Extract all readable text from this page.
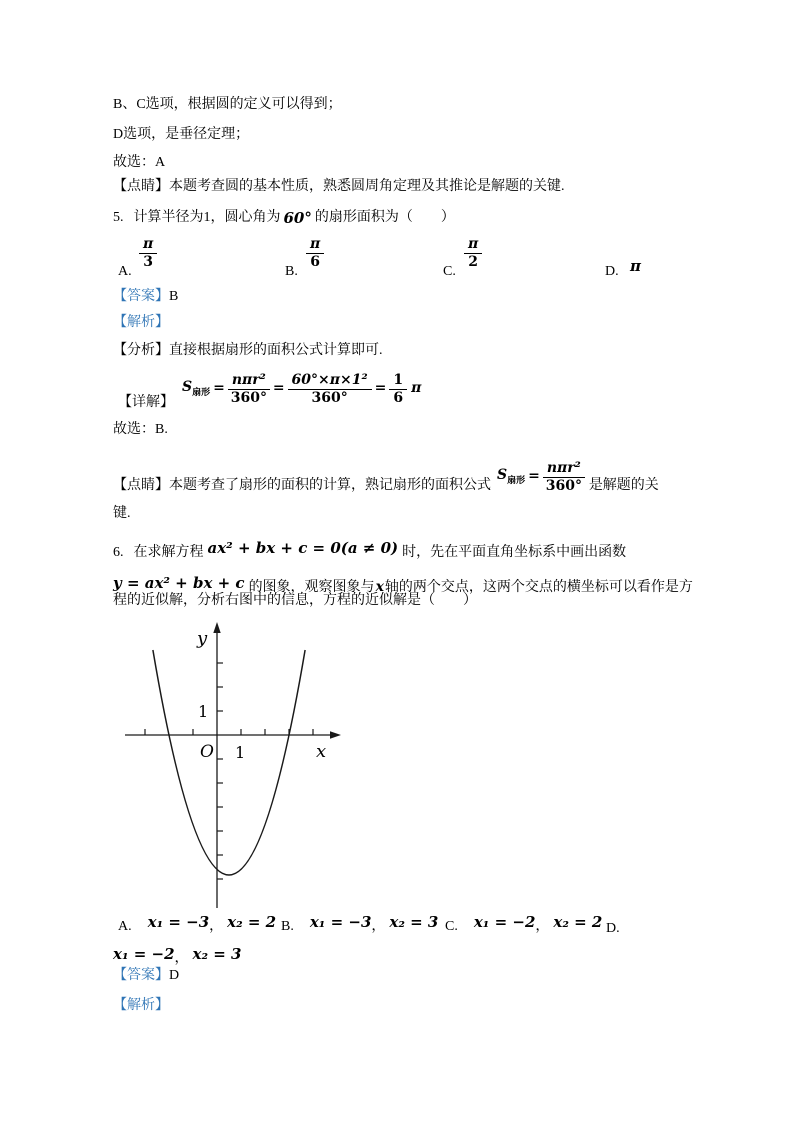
B、C选项，根据圆的定义可以得到；
D选项，是垂径定理；
故选：A
【点睛】本题考查圆的基本性质，熟悉圆周角定理及其推论是解题的关键.
5. 计算半径为1，圆心角为 60° 的扇形面积为（　　）
A.
$\frac{\pi}{3}$
B.
$\frac{\pi}{6}$
C.
$\frac{\pi}{2}$
D. π
【答案】B
【解析】
【分析】直接根据扇形的面积公式计算即可.
【详解】
$S_{扇形} = \frac{\text{nπr²}}{360^\circ} = \frac{\text{60°×π×1²}}{360^\circ} = \frac{1}{6}$ π
故选：B.
【点睛】 本题考查了扇形的面积的计算，熟记扇形的面积公式
$S_{扇形} = \frac{\text{nπr²}}{360^\circ}$ 是解题的关
键.
6. 在求解方程 ax² + bx + c = 0(a ≠ 0) 时，先在平面直角坐标系中画出函数
y = ax² + bx + c 的图象，观察图象与 x 轴的两个交点，这两个交点的横坐标可以看作是方
程的近似解，分析右图中的信息，方程的近似解是（　　）
y
x
O 1
1
A. x₁ = −3 ， x₂ = 2 B. x₁ = −3 ， x₂ = 3 C. x₁ = −2 ， x₂ = 2 D.
x₁ = −2 ， x₂ = 3
【答案】D
【解析】
